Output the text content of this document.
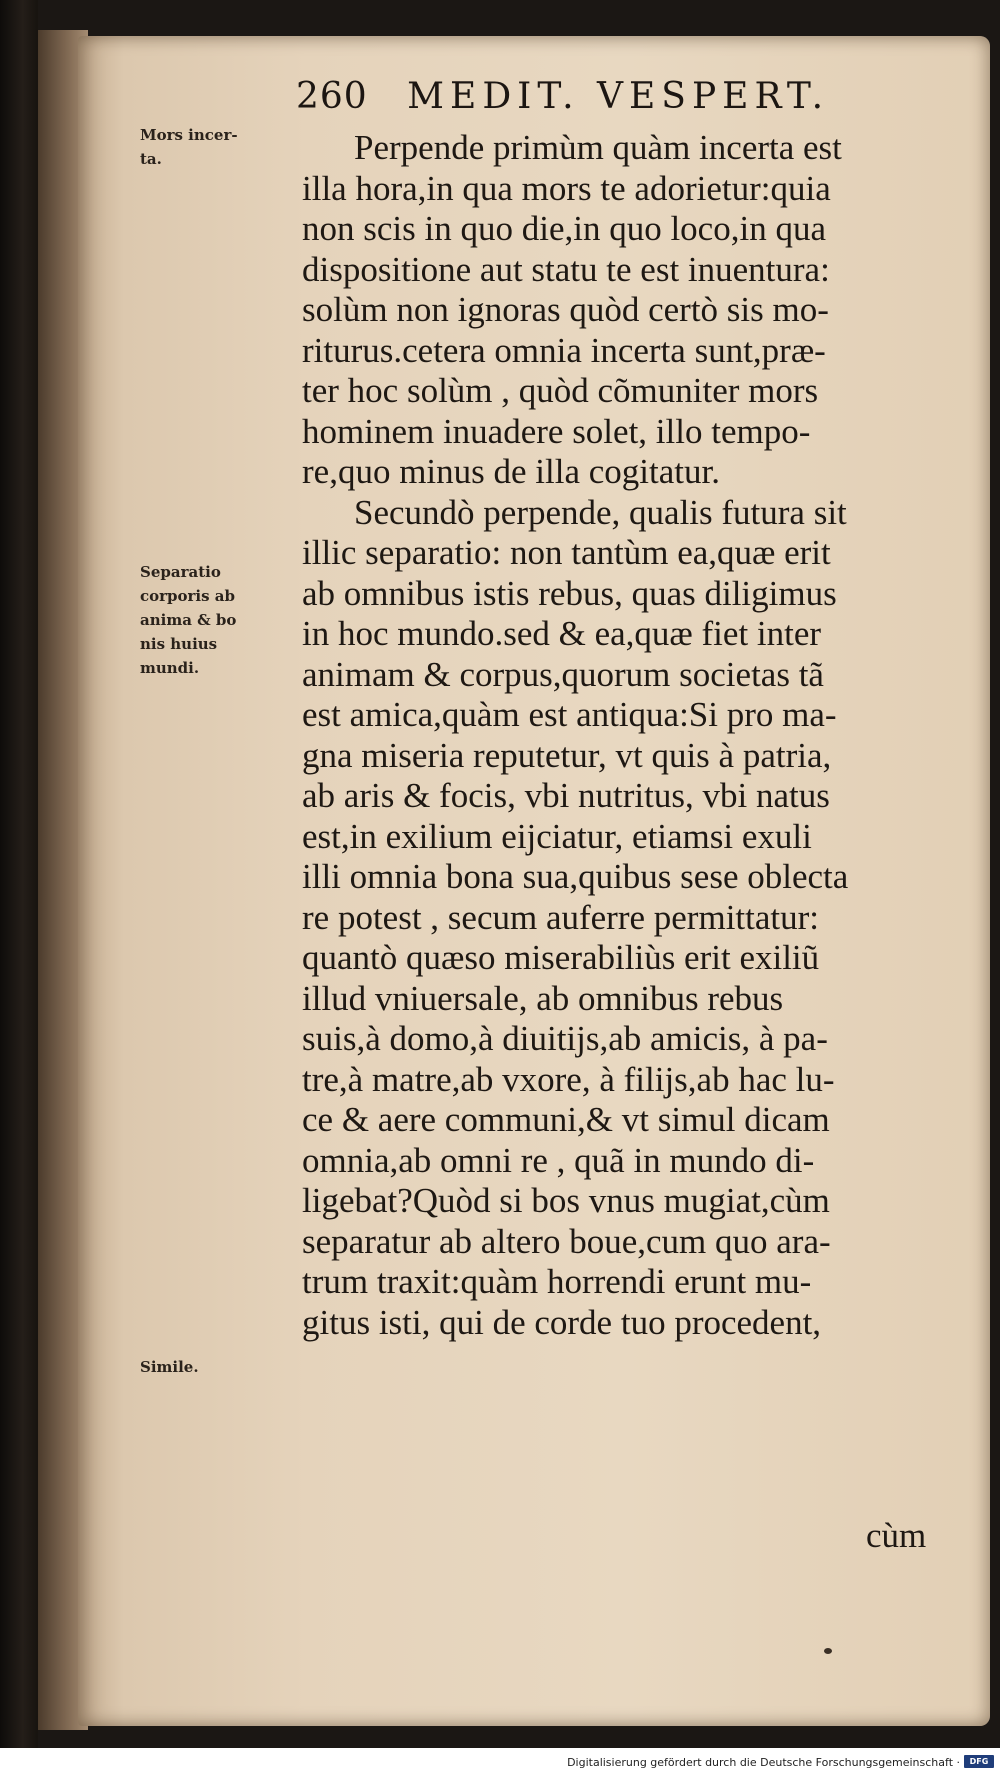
260 MEDIT. VESPERT.
Mors incer-
ta.
Separatio
corporis ab
anima & bo
nis huius
mundi.
Simile.
Perpende primùm quàm incerta est
illa hora,in qua mors te adorietur:quia
non scis in quo die,in quo loco,in qua
dispositione aut statu te est inuentura:
solùm non ignoras quòd certò sis mo-
riturus.cetera omnia incerta sunt,præ-
ter hoc solùm , quòd cõmuniter mors
hominem inuadere solet, illo tempo-
re,quo minus de illa cogitatur.
Secundò perpende, qualis futura sit
illic separatio: non tantùm ea,quæ erit
ab omnibus istis rebus, quas diligimus
in hoc mundo.sed & ea,quæ fiet inter
animam & corpus,quorum societas tã
est amica,quàm est antiqua:Si pro ma-
gna miseria reputetur, vt quis à patria,
ab aris & focis, vbi nutritus, vbi natus
est,in exilium eijciatur, etiamsi exuli
illi omnia bona sua,quibus sese oblecta
re potest , secum auferre permittatur:
quantò quæso miserabiliùs erit exiliũ
illud vniuersale, ab omnibus rebus
suis,à domo,à diuitijs,ab amicis, à pa-
tre,à matre,ab vxore, à filijs,ab hac lu-
ce & aere communi,& vt simul dicam
omnia,ab omni re , quã in mundo di-
ligebat?Quòd si bos vnus mugiat,cùm
separatur ab altero boue,cum quo ara-
trum traxit:quàm horrendi erunt mu-
gitus isti, qui de corde tuo procedent,
cùm
Digitalisierung gefördert durch die Deutsche Forschungsgemeinschaft ·	DFG
